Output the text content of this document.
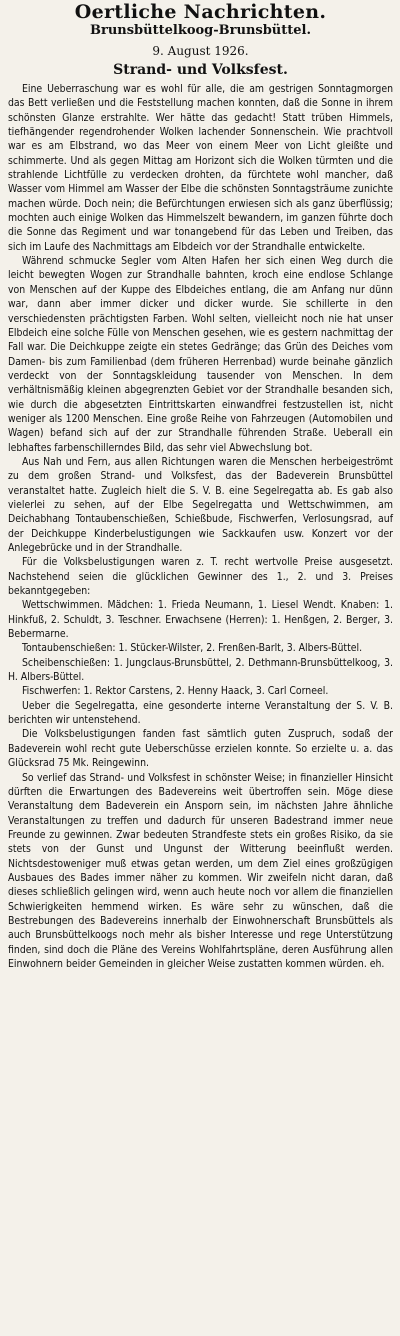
Oertliche Nachrichten.
Brunsbüttelkoog-Brunsbüttel.
9. August 1926.
Strand- und Volksfest.

Eine Ueberraschung war es wohl für alle, die am gestrigen Sonntagmorgen das Bett verließen und die Feststellung machen konnten, daß die Sonne in ihrem schönsten Glanze erstrahlte. Wer hätte das gedacht! Statt trüben Himmels, tiefhängender regendrohender Wolken lachender Sonnenschein. Wie prachtvoll war es am Elbstrand, wo das Meer von einem Meer von Licht gleißte und schimmerte. Und als gegen Mittag am Horizont sich die Wolken türmten und die strahlende Lichtfülle zu verdecken drohten, da fürchtete wohl mancher, daß Wasser vom Himmel am Wasser der Elbe die schönsten Sonntagsträume zunichte machen würde. Doch nein; die Befürchtungen erwiesen sich als ganz überflüssig; mochten auch einige Wolken das Himmelszelt bewandern, im ganzen führte doch die Sonne das Regiment und war tonangebend für das Leben und Treiben, das sich im Laufe des Nachmittags am Elbdeich vor der Strandhalle entwickelte.

Während schmucke Segler vom Alten Hafen her sich einen Weg durch die leicht bewegten Wogen zur Strandhalle bahnten, kroch eine endlose Schlange von Menschen auf der Kuppe des Elbdeiches entlang, die am Anfang nur dünn war, dann aber immer dicker und dicker wurde. Sie schillerte in den verschiedensten prächtigsten Farben. Wohl selten, vielleicht noch nie hat unser Elbdeich eine solche Fülle von Menschen gesehen, wie es gestern nachmittag der Fall war. Die Deichkuppe zeigte ein stetes Gedränge; das Grün des Deiches vom Damen- bis zum Familienbad (dem früheren Herrenbad) wurde beinahe gänzlich verdeckt von der Sonntagskleidung tausender von Menschen. In dem verhältnismäßig kleinen abgegrenzten Gebiet vor der Strandhalle besanden sich, wie durch die abgesetzten Eintrittskarten einwandfrei festzustellen ist, nicht weniger als 1200 Menschen. Eine große Reihe von Fahrzeugen (Automobilen und Wagen) befand sich auf der zur Strandhalle führenden Straße. Ueberall ein lebhaftes farbenschillerndes Bild, das sehr viel Abwechslung bot.

Aus Nah und Fern, aus allen Richtungen waren die Menschen herbeigeströmt zu dem großen Strand- und Volksfest, das der Badeverein Brunsbüttel veranstaltet hatte. Zugleich hielt die S. V. B. eine Segelregatta ab. Es gab also vielerlei zu sehen, auf der Elbe Segelregatta und Wettschwimmen, am Deichabhang Tontaubenschießen, Schießbude, Fischwerfen, Verlosungsrad, auf der Deichkuppe Kinderbelustigungen wie Sackkaufen usw. Konzert vor der Anlegebrücke und in der Strandhalle.

Für die Volksbelustigungen waren z. T. recht wertvolle Preise ausgesetzt. Nachstehend seien die glücklichen Gewinner des 1., 2. und 3. Preises bekanntgegeben:

Wettschwimmen. Mädchen: 1. Frieda Neumann, 1. Liesel Wendt. Knaben: 1. Hinkfuß, 2. Schuldt, 3. Teschner. Erwachsene (Herren): 1. Henßgen, 2. Berger, 3. Bebermarne.

Tontaubenschießen: 1. Stücker-Wilster, 2. Frenßen-Barlt, 3. Albers-Büttel.

Scheibenschießen: 1. Jungclaus-Brunsbüttel, 2. Dethmann-Brunsbüttelkoog, 3. H. Albers-Büttel.

Fischwerfen: 1. Rektor Carstens, 2. Henny Haack, 3. Carl Corneel.

Ueber die Segelregatta, eine gesonderte interne Veranstaltung der S. V. B. berichten wir untenstehend.

Die Volksbelustigungen fanden fast sämtlich guten Zuspruch, sodaß der Badeverein wohl recht gute Ueberschüsse erzielen konnte. So erzielte u. a. das Glücksrad 75 Mk. Reingewinn.

So verlief das Strand- und Volksfest in schönster Weise; in finanzieller Hinsicht dürften die Erwartungen des Badevereins weit übertroffen sein. Möge diese Veranstaltung dem Badeverein ein Ansporn sein, im nächsten Jahre ähnliche Veranstaltungen zu treffen und dadurch für unseren Badestrand immer neue Freunde zu gewinnen. Zwar bedeuten Strandfeste stets ein großes Risiko, da sie stets von der Gunst und Ungunst der Witterung beeinflußt werden. Nichtsdestoweniger muß etwas getan werden, um dem Ziel eines großzügigen Ausbaues des Bades immer näher zu kommen. Wir zweifeln nicht daran, daß dieses schließlich gelingen wird, wenn auch heute noch vor allem die finanziellen Schwierigkeiten hemmend wirken. Es wäre sehr zu wünschen, daß die Bestrebungen des Badevereins innerhalb der Einwohnerschaft Brunsbüttels als auch Brunsbüttelkoogs noch mehr als bisher Interesse und rege Unterstützung finden, sind doch die Pläne des Vereins Wohlfahrtspläne, deren Ausführung allen Einwohnern beider Gemeinden in gleicher Weise zustatten kommen würden. eh.
